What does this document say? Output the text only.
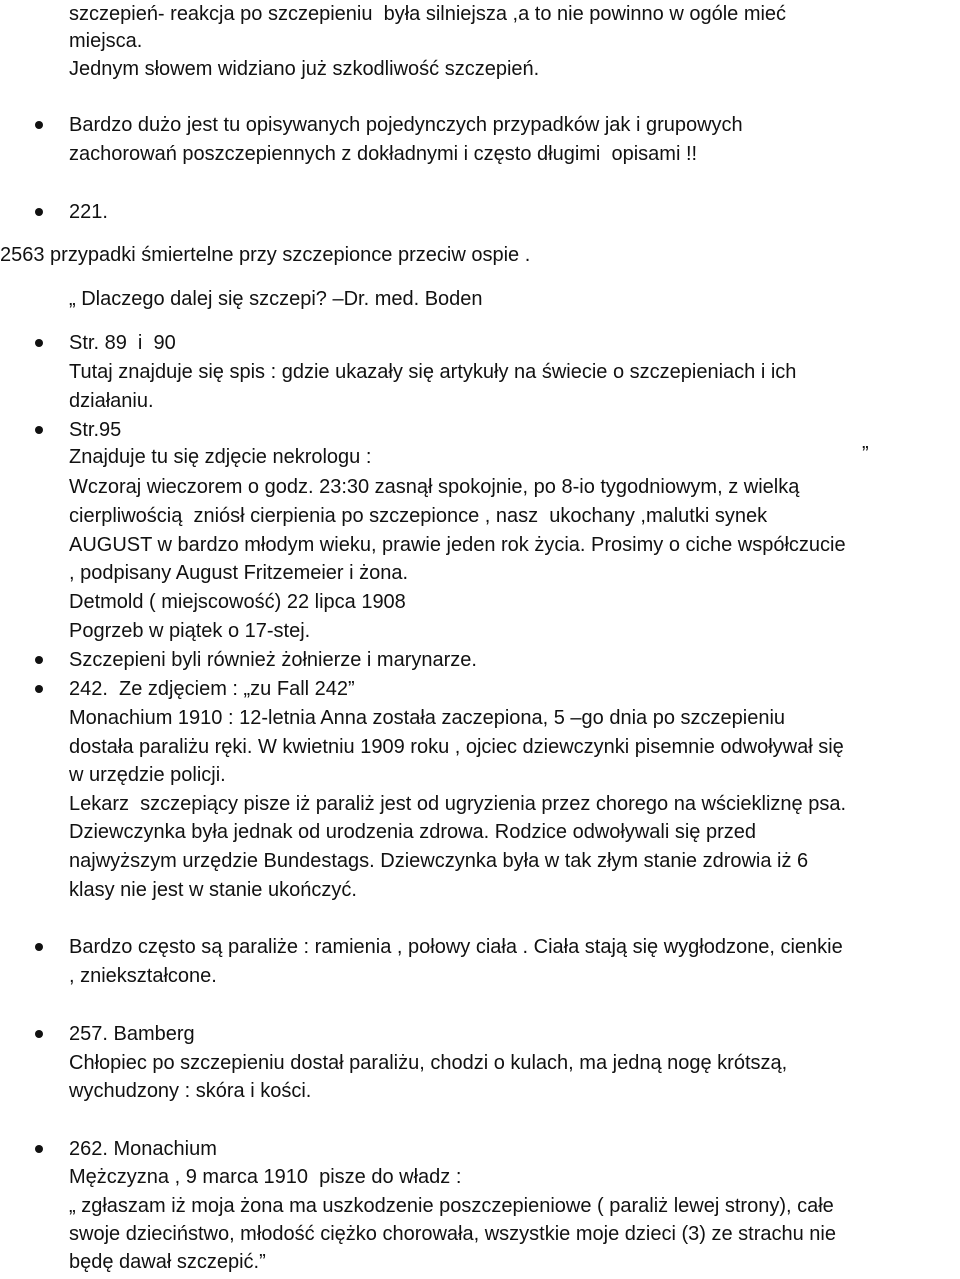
szczepień- reakcja po szczepieniu  była silniejsza ,a to nie powinno w ogóle mieć
miejsca.
Jednym słowem widziano już szkodliwość szczepień.
Bardzo dużo jest tu opisywanych pojedynczych przypadków jak i grupowych
zachorowań poszczepiennych z dokładnymi i często długimi  opisami !!
221.
2563 przypadki śmiertelne przy szczepionce przeciw ospie .
„ Dlaczego dalej się szczepi? –Dr. med. Boden
Str. 89  i  90
Tutaj znajduje się spis : gdzie ukazały się artykuły na świecie o szczepieniach i ich
działaniu.
Str.95
Znajduje tu się zdjęcie nekrologu :	”
Wczoraj wieczorem o godz. 23:30 zasnął spokojnie, po 8-io tygodniowym, z wielką
cierpliwością  zniósł cierpienia po szczepionce , nasz  ukochany ,malutki synek
AUGUST w bardzo młodym wieku, prawie jeden rok życia. Prosimy o ciche współczucie
, podpisany August Fritzemeier i żona.
Detmold ( miejscowość) 22 lipca 1908
Pogrzeb w piątek o 17-stej.
Szczepieni byli również żołnierze i marynarze.
242.  Ze zdjęciem : „zu Fall 242”
Monachium 1910 : 12-letnia Anna została zaczepiona, 5 –go dnia po szczepieniu
dostała paraliżu ręki. W kwietniu 1909 roku , ojciec dziewczynki pisemnie odwoływał się
w urzędzie policji.
Lekarz  szczepiący pisze iż paraliż jest od ugryzienia przez chorego na wściekliznę psa.
Dziewczynka była jednak od urodzenia zdrowa. Rodzice odwoływali się przed
najwyższym urzędzie Bundestags. Dziewczynka była w tak złym stanie zdrowia iż 6
klasy nie jest w stanie ukończyć.
Bardzo często są paraliże : ramienia , połowy ciała . Ciała stają się wygłodzone, cienkie
, zniekształcone.
257. Bamberg
Chłopiec po szczepieniu dostał paraliżu, chodzi o kulach, ma jedną nogę krótszą,
wychudzony : skóra i kości.
262. Monachium
Mężczyzna , 9 marca 1910  pisze do władz :
„ zgłaszam iż moja żona ma uszkodzenie poszczepieniowe ( paraliż lewej strony), całe
swoje dzieciństwo, młodość ciężko chorowała, wszystkie moje dzieci (3) ze strachu nie
będę dawał szczepić.”
